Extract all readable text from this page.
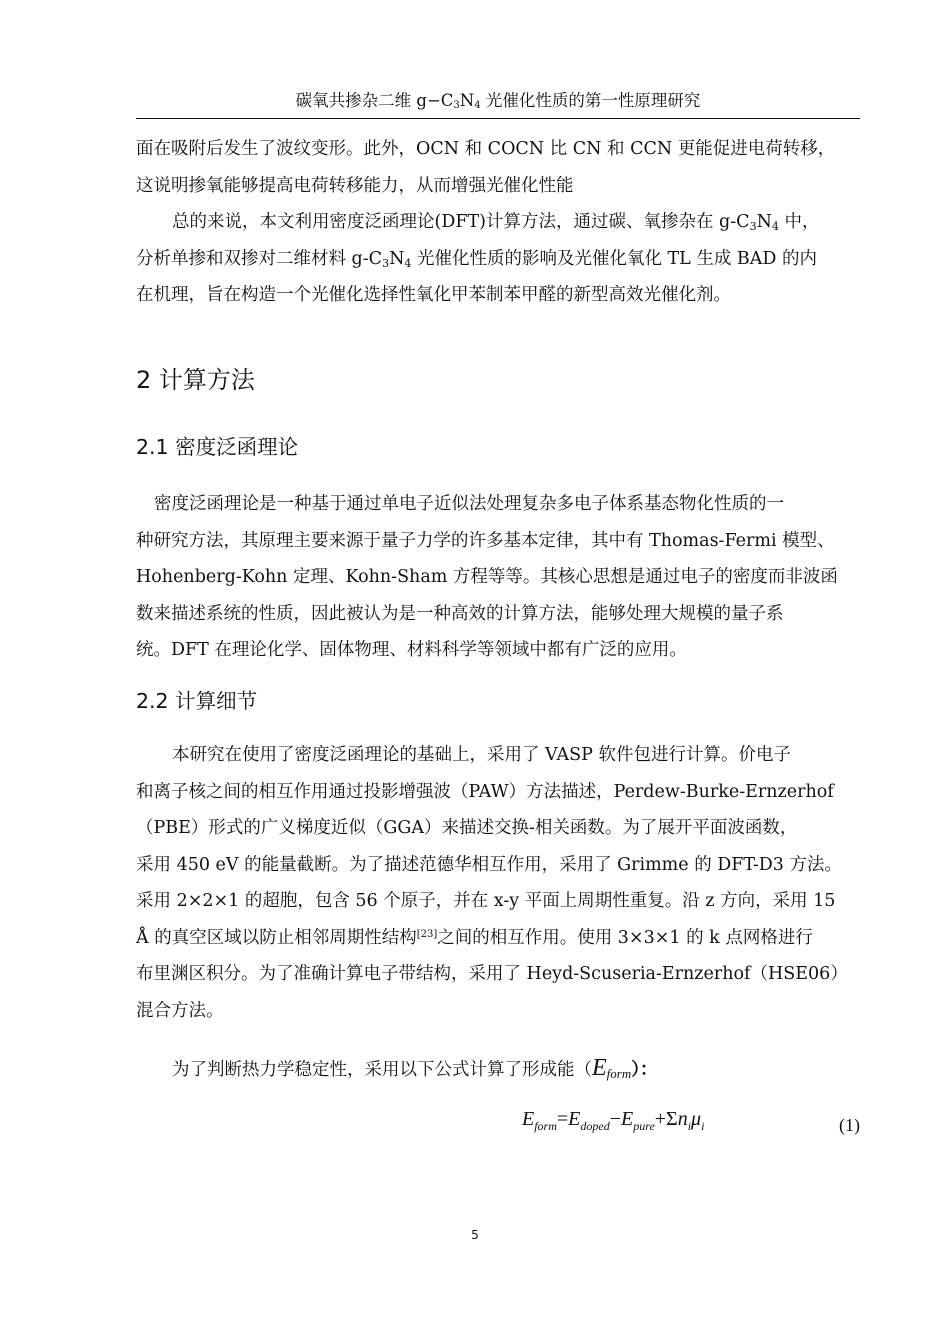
碳氧共掺杂二维 $g-C_3N_4$ 光催化性质的第一性原理研究
面在吸附后发生了波纹变形。此外，OCN 和 COCN 比 CN 和 CCN 更能促进电荷转移，
这说明掺氧能够提高电荷转移能力，从而增强光催化性能
总的来说，本文利用密度泛函理论(DFT)计算方法，通过碳、氧掺杂在 $g-C_3N_4$ 中，
分析单掺和双掺对二维材料 $g-C_3N_4$ 光催化性质的影响及光催化氧化 TL 生成 BAD 的内
在机理，旨在构造一个光催化选择性氧化甲苯制苯甲醛的新型高效光催化剂。
2 计算方法
2.1 密度泛函理论
密度泛函理论是一种基于通过单电子近似法处理复杂多电子体系基态物化性质的一
种研究方法，其原理主要来源于量子力学的许多基本定律，其中有 Thomas-Fermi 模型、
Hohenberg-Kohn 定理、Kohn-Sham 方程等等。其核心思想是通过电子的密度而非波函
数来描述系统的性质，因此被认为是一种高效的计算方法，能够处理大规模的量子系
统。DFT 在理论化学、固体物理、材料科学等领域中都有广泛的应用。
2.2 计算细节
本研究在使用了密度泛函理论的基础上，采用了 VASP 软件包进行计算。价电子
和离子核之间的相互作用通过投影增强波（PAW）方法描述，Perdew-Burke-Ernzerhof
（PBE）形式的广义梯度近似（GGA）来描述交换-相关函数。为了展开平面波函数，
采用 450 eV 的能量截断。为了描述范德华相互作用，采用了 Grimme 的 DFT-D3 方法。
采用 2×2×1 的超胞，包含 56 个原子，并在 x-y 平面上周期性重复。沿 z 方向，采用 15
Å 的真空区域以防止相邻周期性结构[23]之间的相互作用。使用 3×3×1 的 k 点网格进行
布里渊区积分。为了准确计算电子带结构，采用了 Heyd-Scuseria-Ernzerhof（HSE06）
混合方法。
为了判断热力学稳定性，采用以下公式计算了形成能$(E_{form})$：
$E_{form}=E_{doped}-E_{pure}+\Sigma n_i\mu_i$	(1)
5
